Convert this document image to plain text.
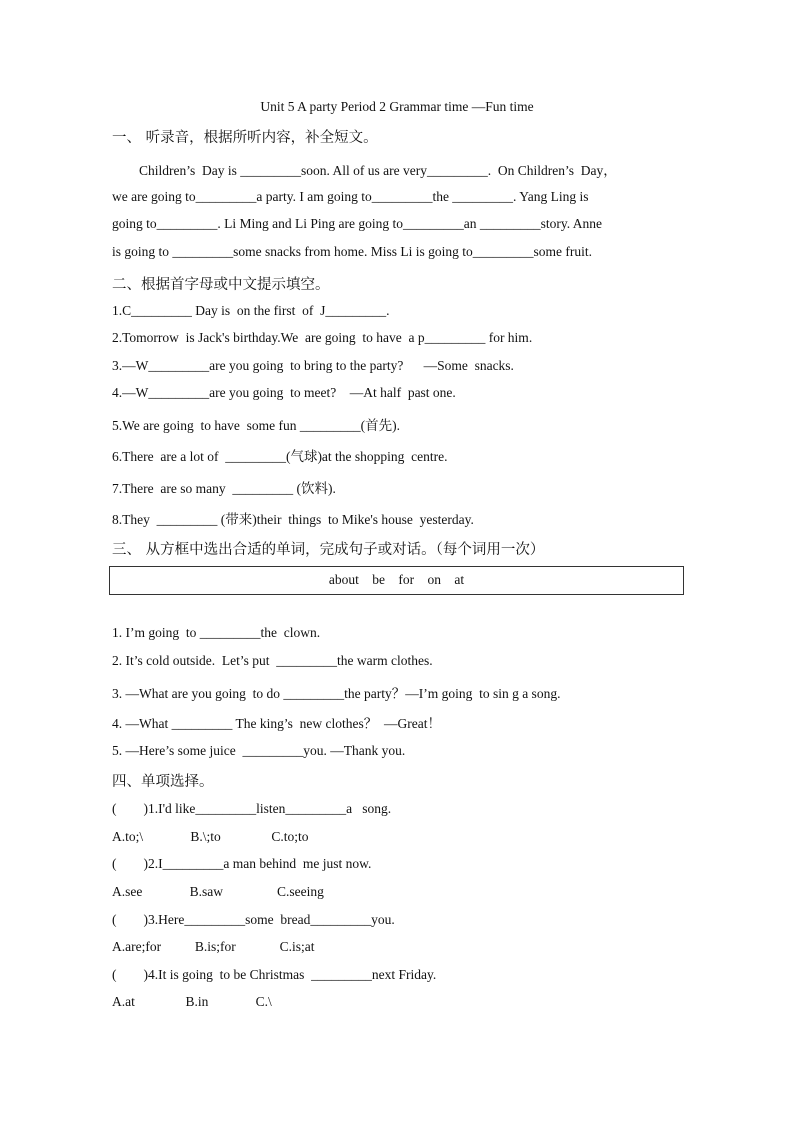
Unit 5 A party Period 2 Grammar time —Fun time
一、 听录音，根据所听内容，补全短文。
Children’s  Day is _________soon. All of us are very_________.  On Children’s  Day，
we are going to_________a party. I am going to_________the _________. Yang Ling is
going to_________. Li Ming and Li Ping are going to_________an _________story. Anne
is going to _________some snacks from home. Miss Li is going to_________some fruit.
二、根据首字母或中文提示填空。
1.C_________ Day is  on the first  of  J_________.
2.Tomorrow  is Jack's birthday.We  are going  to have  a p_________ for him.
3.—W_________are you going  to bring to the party?      —Some  snacks.
4.—W_________are you going  to meet?    —At half  past one.
5.We are going  to have  some fun _________(首先).
6.There  are a lot of  _________(气球)at the shopping  centre.
7.There  are so many  _________ (饮料).
8.They  _________ (带来)their  things  to Mike's house  yesterday.
三、 从方框中选出合适的单词，完成句子或对话。（每个词用一次）
about be for on at
1. I’m going  to _________the  clown.
2. It’s cold outside.  Let’s put  _________the warm clothes.
3. —What are you going  to do _________the party？—I’m going  to sin g a song.
4. —What _________ The king’s  new clothes？  —Great！
5. —Here’s some juice  _________you. —Thank you.
四、单项选择。
(        )1.I'd like_________listen_________a   song.
A.to;\              B.\;to               C.to;to
(        )2.I_________a man behind  me just now.
A.see              B.saw                C.seeing
(        )3.Here_________some  bread_________you.
A.are;for          B.is;for             C.is;at
(        )4.It is going  to be Christmas  _________next Friday.
A.at               B.in              C.\
